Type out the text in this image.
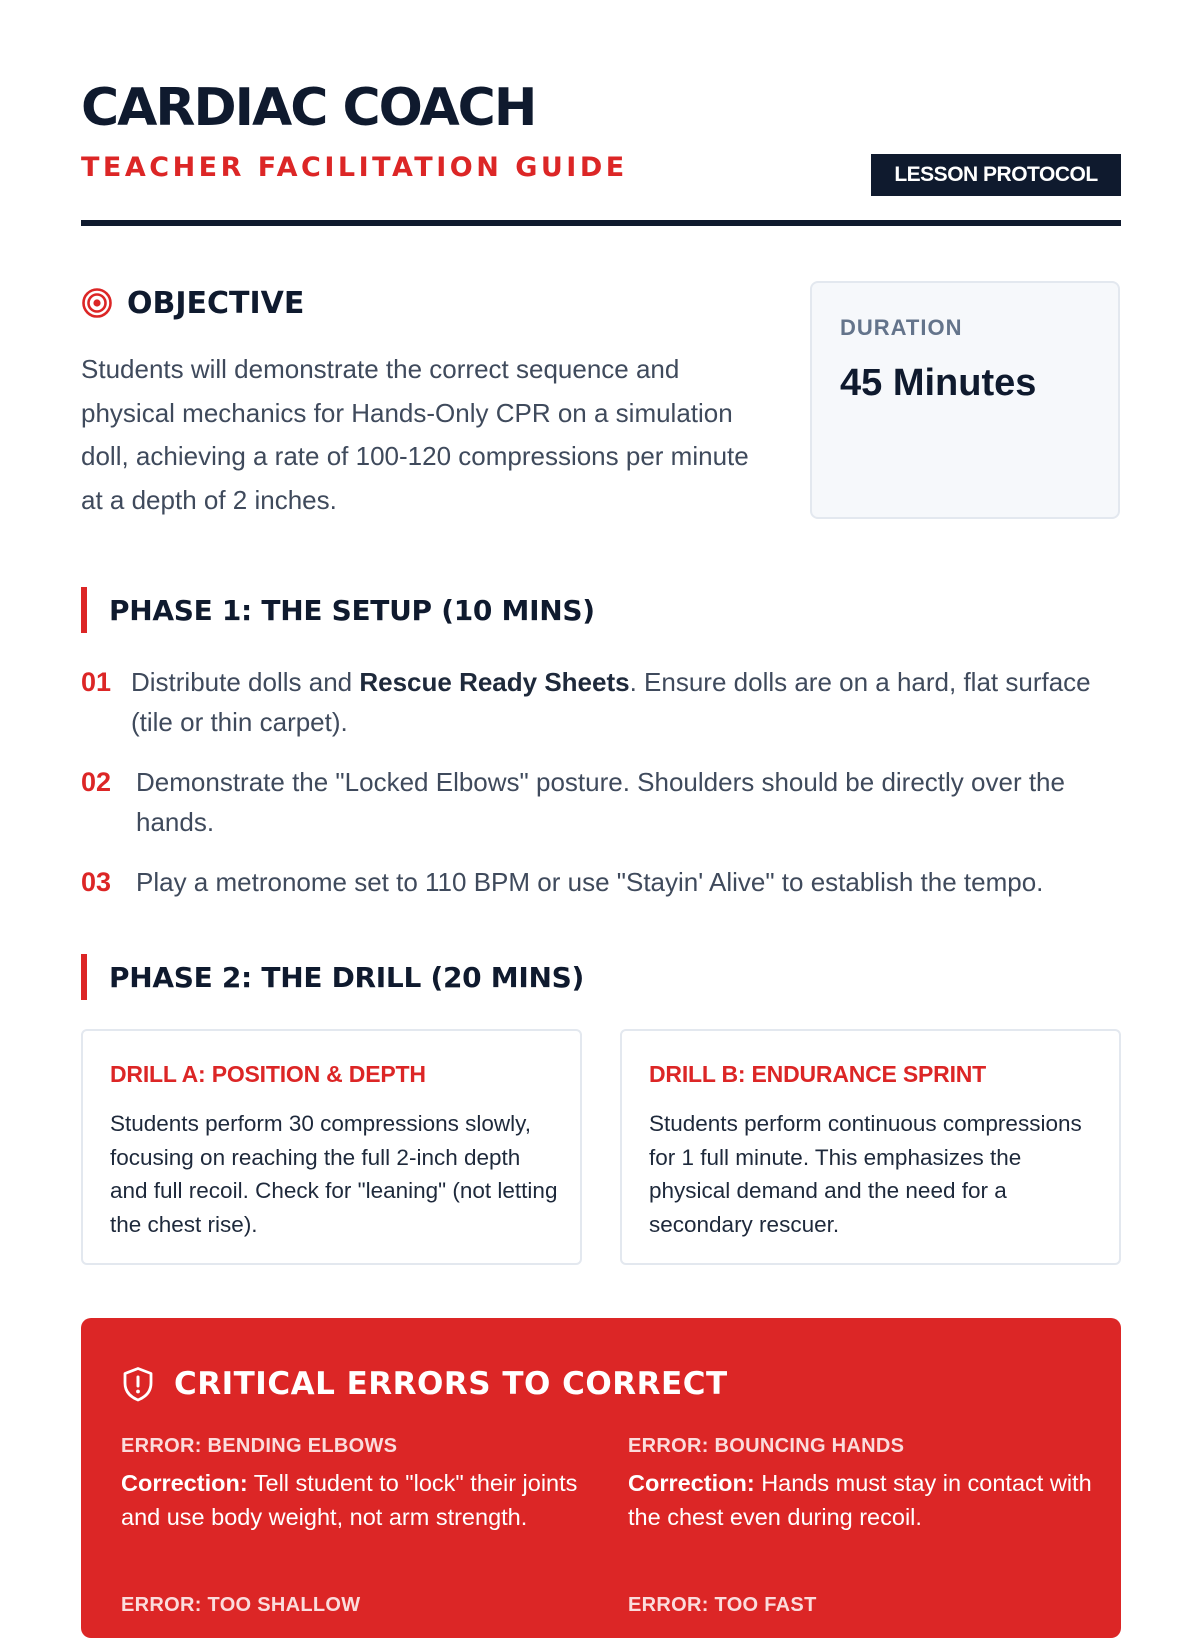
CARDIAC COACH
TEACHER FACILITATION GUIDE	LESSON PROTOCOL
OBJECTIVE
Students will demonstrate the correct sequence and physical mechanics for Hands-Only CPR on a simulation doll, achieving a rate of 100-120 compressions per minute at a depth of 2 inches.
DURATION
45 Minutes
PHASE 1: THE SETUP (10 MINS)
01 Distribute dolls and Rescue Ready Sheets. Ensure dolls are on a hard, flat surface (tile or thin carpet).
02 Demonstrate the "Locked Elbows" posture. Shoulders should be directly over the hands.
03 Play a metronome set to 110 BPM or use "Stayin' Alive" to establish the tempo.
PHASE 2: THE DRILL (20 MINS)
DRILL A: POSITION & DEPTH
Students perform 30 compressions slowly, focusing on reaching the full 2-inch depth and full recoil. Check for "leaning" (not letting the chest rise).
DRILL B: ENDURANCE SPRINT
Students perform continuous compressions for 1 full minute. This emphasizes the physical demand and the need for a secondary rescuer.
CRITICAL ERRORS TO CORRECT
ERROR: BENDING ELBOWS
Correction: Tell student to "lock" their joints and use body weight, not arm strength.
ERROR: BOUNCING HANDS
Correction: Hands must stay in contact with the chest even during recoil.
ERROR: TOO SHALLOW	ERROR: TOO FAST
